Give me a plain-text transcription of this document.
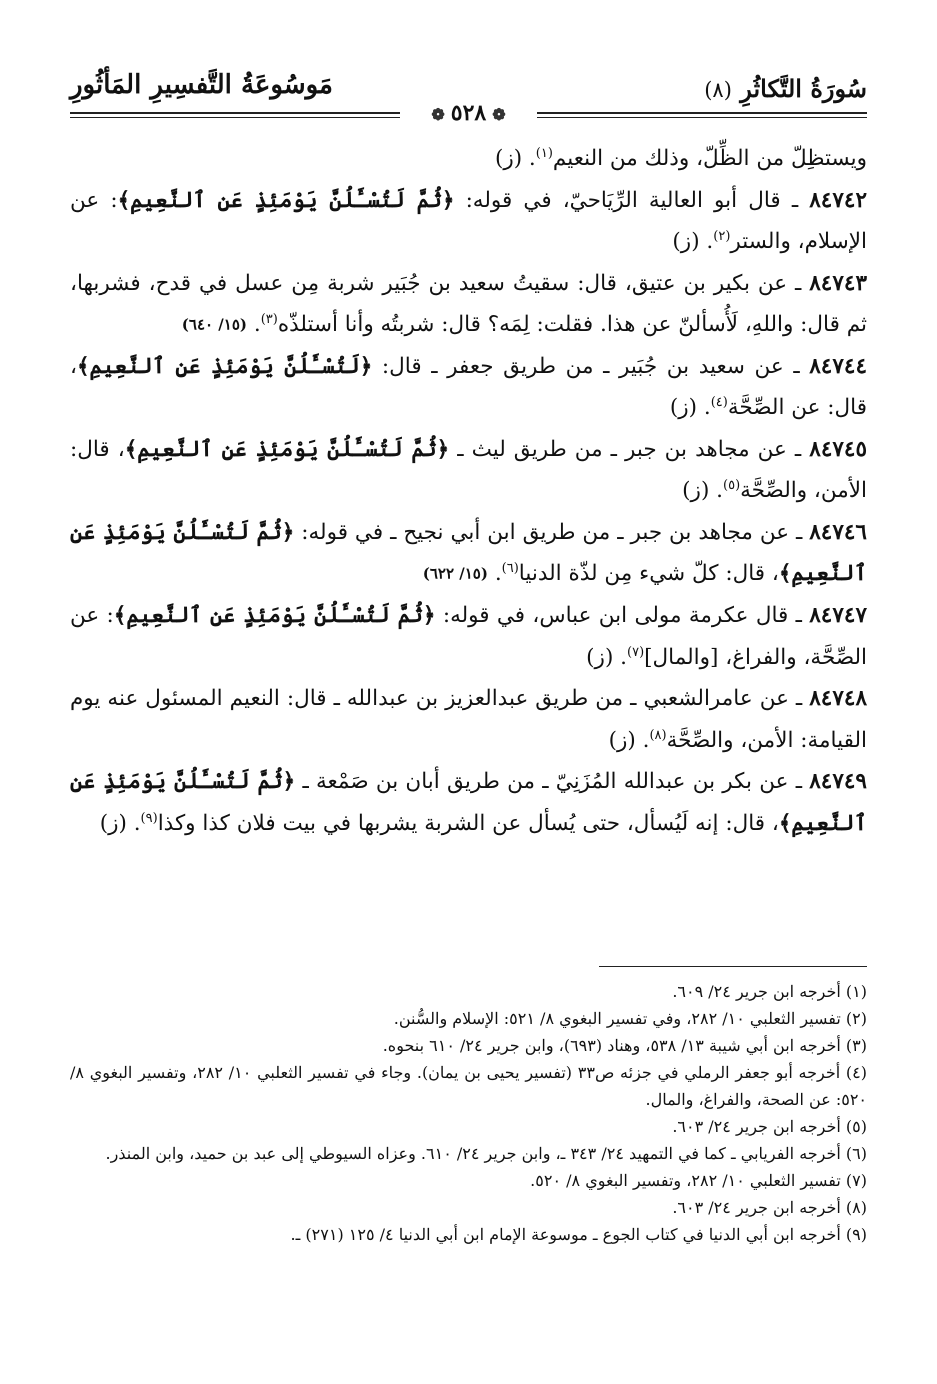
سُورَةُ التَّكاثُرِ (٨)
مَوسُوعَةُ التَّفسِيرِ المَأثُورِ
❁٥٢٨❁

ويستظِلّ من الظِّلّ، وذلك من النعيم$^{(١)}$. (ز)

٨٤٧٤٢ ـ قال أبو العالية الرِّيَاحيّ، في قوله: ﴿ثُمَّ لَتُسْـَٔلُنَّ يَوْمَئِذٍ عَنِ ٱلنَّعِيمِ﴾: عن الإسلام، والستر$^{(٢)}$. (ز)

٨٤٧٤٣ ـ عن بكير بن عتيق، قال: سقيتُ سعيد بن جُبَير شربة مِن عسل في قدح، فشربها، ثم قال: واللهِ، لَأُسألنّ عن هذا. فقلت: لِمَه؟ قال: شربتُه وأنا أستلذّه$^{(٣)}$. (١٥/ ٦٤٠)

٨٤٧٤٤ ـ عن سعيد بن جُبَير ـ من طريق جعفر ـ قال: ﴿لَتُسْـَٔلُنَّ يَوْمَئِذٍ عَنِ ٱلنَّعِيمِ﴾، قال: عن الصِّحَّة$^{(٤)}$. (ز)

٨٤٧٤٥ ـ عن مجاهد بن جبر ـ من طريق ليث ـ ﴿ثُمَّ لَتُسْـَٔلُنَّ يَوْمَئِذٍ عَنِ ٱلنَّعِيمِ﴾، قال: الأمن، والصِّحَّة$^{(٥)}$. (ز)

٨٤٧٤٦ ـ عن مجاهد بن جبر ـ من طريق ابن أبي نجيح ـ في قوله: ﴿ثُمَّ لَتُسْـَٔلُنَّ يَوْمَئِذٍ عَنِ ٱلنَّعِيمِ﴾، قال: كلّ شيء مِن لذّة الدنيا$^{(٦)}$. (١٥/ ٦٢٢)

٨٤٧٤٧ ـ قال عكرمة مولى ابن عباس، في قوله: ﴿ثُمَّ لَتُسْـَٔلُنَّ يَوْمَئِذٍ عَنِ ٱلنَّعِيمِ﴾: عن الصِّحَّة، والفراغ، [والمال]$^{(٧)}$. (ز)

٨٤٧٤٨ ـ عن عامرالشعبي ـ من طريق عبدالعزيز بن عبدالله ـ قال: النعيم المسئول عنه يوم القيامة: الأمن، والصِّحَّة$^{(٨)}$. (ز)

٨٤٧٤٩ ـ عن بكر بن عبدالله المُزَنِيّ ـ من طريق أبان بن صَمْعة ـ ﴿ثُمَّ لَتُسْـَٔلُنَّ يَوْمَئِذٍ عَنِ ٱلنَّعِيمِ﴾، قال: إنه لَيُسأل، حتى يُسأل عن الشربة يشربها في بيت فلان كذا وكذا$^{(٩)}$. (ز)

(١) أخرجه ابن جرير ٢٤/ ٦٠٩.

(٢) تفسير الثعلبي ١٠/ ٢٨٢، وفي تفسير البغوي ٨/ ٥٢١: الإسلام والسُّنن.

(٣) أخرجه ابن أبي شيبة ١٣/ ٥٣٨، وهناد (٦٩٣)، وابن جرير ٢٤/ ٦١٠ بنحوه.

(٤) أخرجه أبو جعفر الرملي في جزئه ص٣٣ (تفسير يحيى بن يمان). وجاء في تفسير الثعلبي ١٠/ ٢٨٢، وتفسير البغوي ٨/ ٥٢٠: عن الصحة، والفراغ، والمال.

(٥) أخرجه ابن جرير ٢٤/ ٦٠٣.

(٦) أخرجه الفريابي ـ كما في التمهيد ٢٤/ ٣٤٣ ـ، وابن جرير ٢٤/ ٦١٠. وعزاه السيوطي إلى عبد بن حميد، وابن المنذر.

(٧) تفسير الثعلبي ١٠/ ٢٨٢، وتفسير البغوي ٨/ ٥٢٠.

(٨) أخرجه ابن جرير ٢٤/ ٦٠٣.

(٩) أخرجه ابن أبي الدنيا في كتاب الجوع ـ موسوعة الإمام ابن أبي الدنيا ٤/ ١٢٥ (٢٧١) ـ.
